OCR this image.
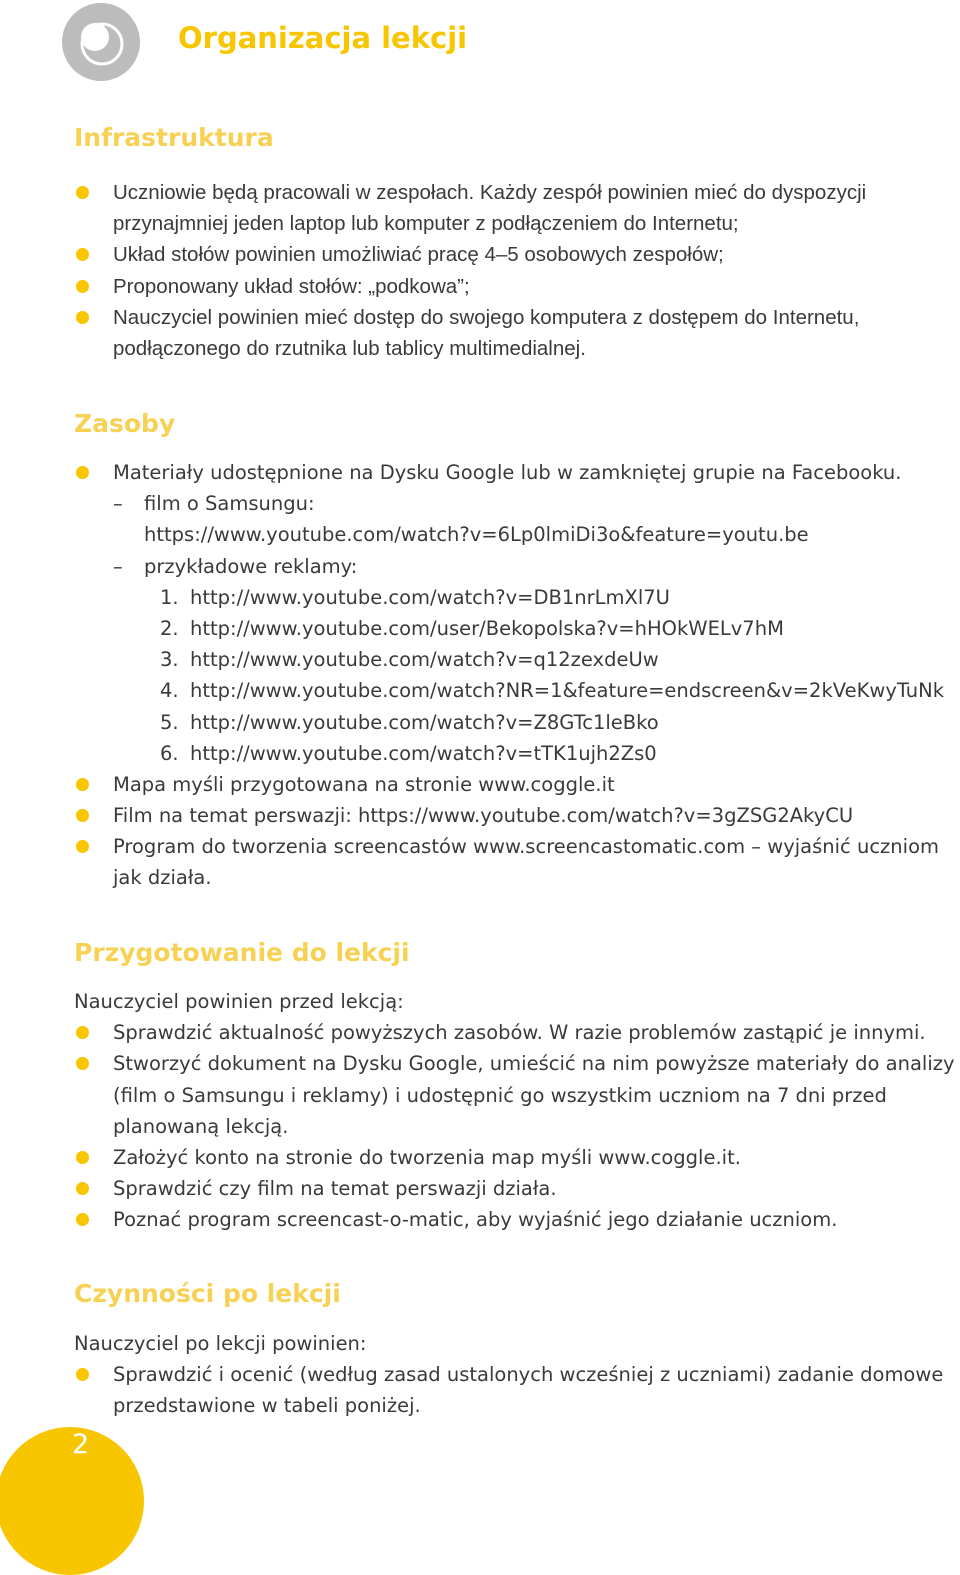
Organizacja lekcji
Infrastruktura
Uczniowie będą pracowali w zespołach. Każdy zespół powinien mieć do dyspozycji
przynajmniej jeden laptop lub komputer z podłączeniem do Internetu;
Układ stołów powinien umożliwiać pracę 4–5 osobowych zespołów;
Proponowany układ stołów: „podkowa”;
Nauczyciel powinien mieć dostęp do swojego komputera z dostępem do Internetu,
podłączonego do rzutnika lub tablicy multimedialnej.
Zasoby
Materiały udostępnione na Dysku Google lub w zamkniętej grupie na Facebooku.
– film o Samsungu:
https://www.youtube.com/watch?v=6Lp0lmiDi3o&feature=youtu.be
– przykładowe reklamy:
1. http://www.youtube.com/watch?v=DB1nrLmXl7U
2. http://www.youtube.com/user/Bekopolska?v=hHOkWELv7hM
3. http://www.youtube.com/watch?v=q12zexdeUw
4. http://www.youtube.com/watch?NR=1&feature=endscreen&v=2kVeKwyTuNk
5. http://www.youtube.com/watch?v=Z8GTc1leBko
6. http://www.youtube.com/watch?v=tTK1ujh2Zs0
Mapa myśli przygotowana na stronie www.coggle.it
Film na temat perswazji: https://www.youtube.com/watch?v=3gZSG2AkyCU
Program do tworzenia screencastów www.screencastomatic.com – wyjaśnić uczniom
jak działa.
Przygotowanie do lekcji
Nauczyciel powinien przed lekcją:
Sprawdzić aktualność powyższych zasobów. W razie problemów zastąpić je innymi.
Stworzyć dokument na Dysku Google, umieścić na nim powyższe materiały do analizy
(film o Samsungu i reklamy) i udostępnić go wszystkim uczniom na 7 dni przed
planowaną lekcją.
Założyć konto na stronie do tworzenia map myśli www.coggle.it.
Sprawdzić czy film na temat perswazji działa.
Poznać program screencast-o-matic, aby wyjaśnić jego działanie uczniom.
Czynności po lekcji
Nauczyciel po lekcji powinien:
Sprawdzić i ocenić (według zasad ustalonych wcześniej z uczniami) zadanie domowe
przedstawione w tabeli poniżej.
2
